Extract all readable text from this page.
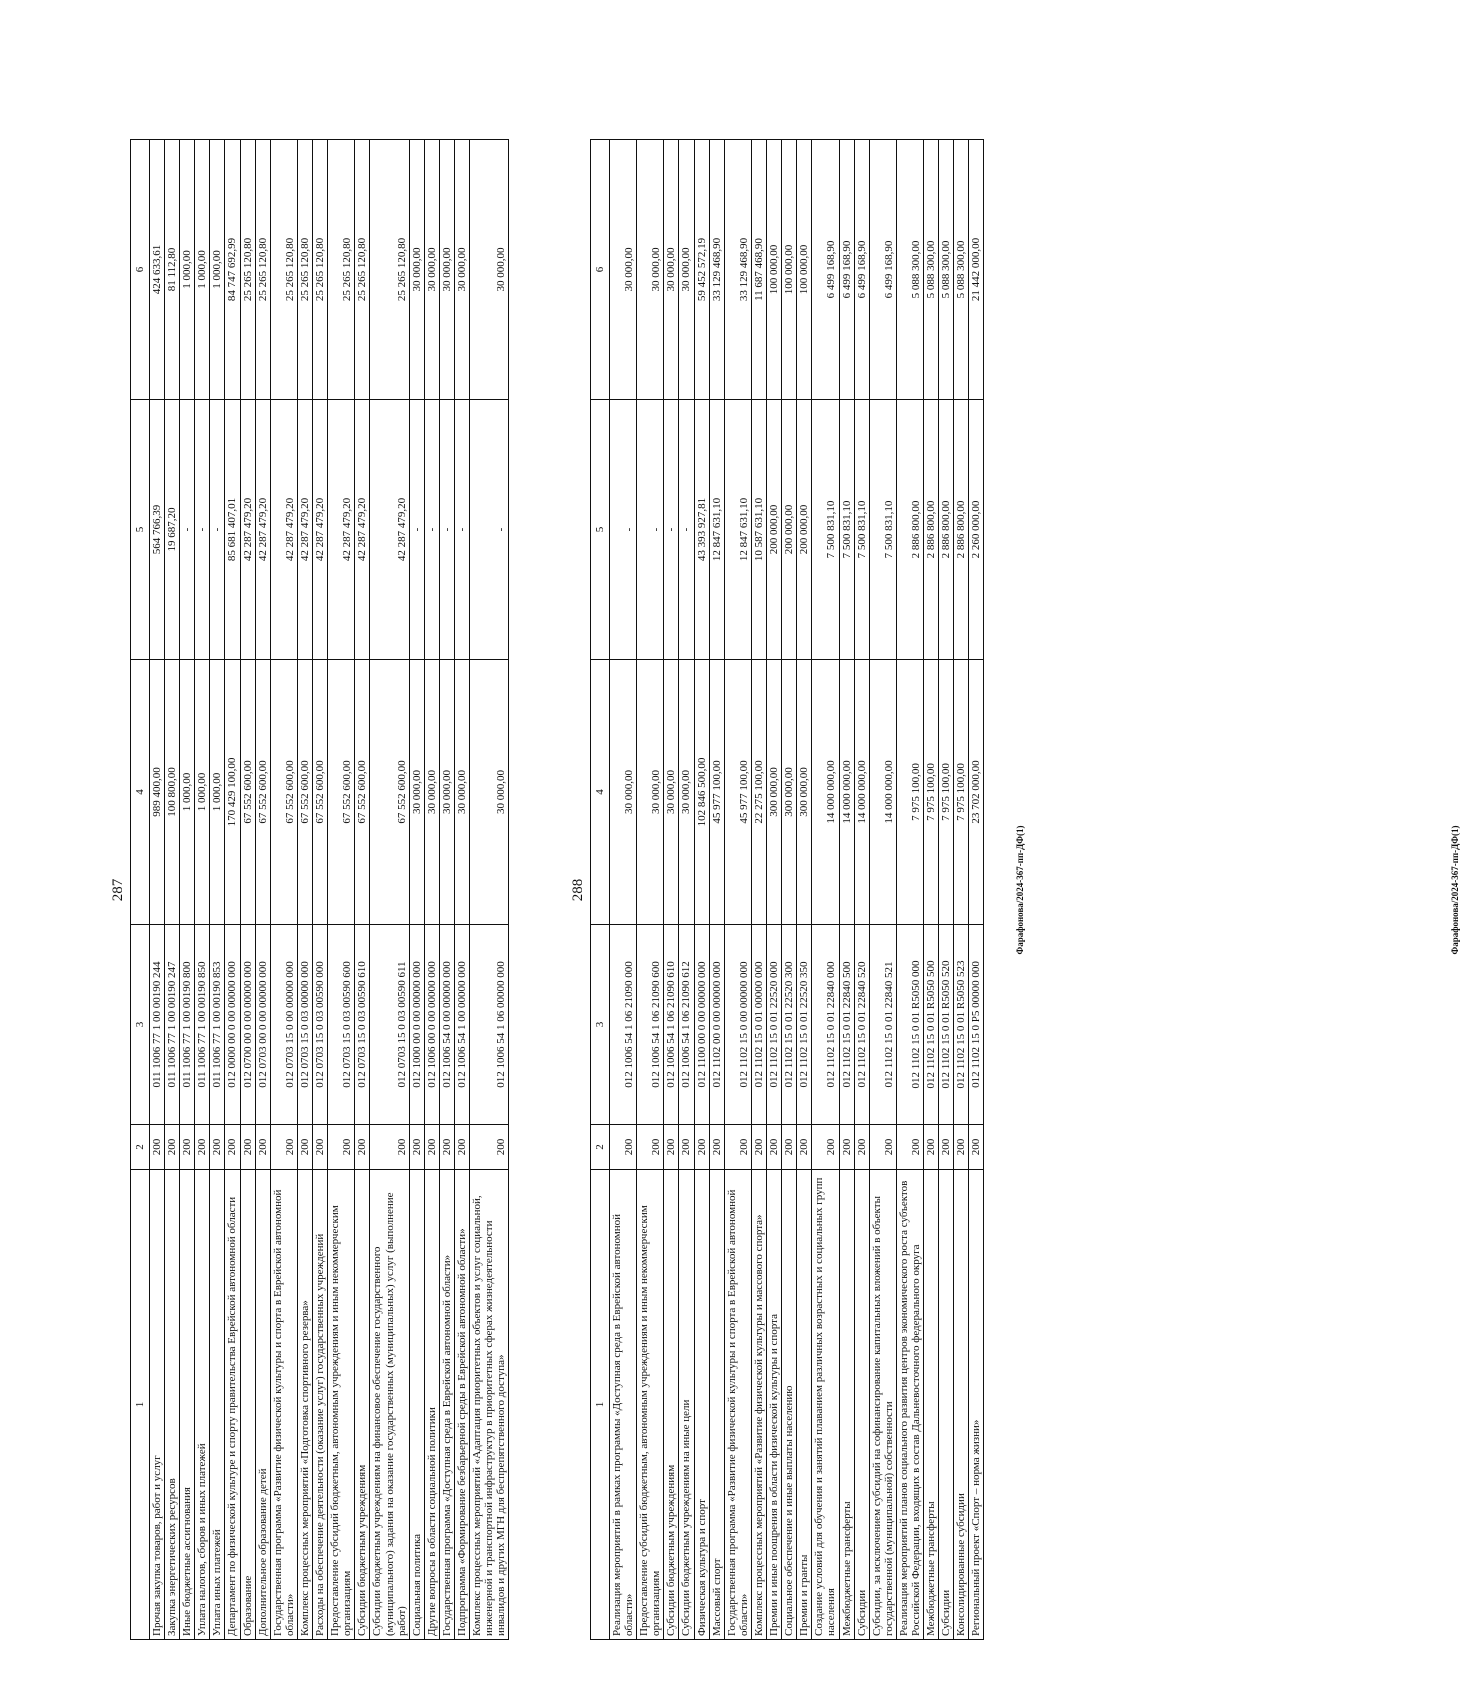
287
1	2	3	4	5	6
Прочая закупка товаров, работ и услуг	200	011 1006 77 1 00 00190 244	989 400,00	564 766,39	424 633,61
Закупка энергетических ресурсов	200	011 1006 77 1 00 00190 247	100 800,00	19 687,20	81 112,80
Иные бюджетные ассигнования	200	011 1006 77 1 00 00190 800	1 000,00	-	1 000,00
Уплата налогов, сборов и иных платежей	200	011 1006 77 1 00 00190 850	1 000,00	-	1 000,00
Уплата иных платежей	200	011 1006 77 1 00 00190 853	1 000,00	-	1 000,00
Департамент по физической культуре и спорту правительства Еврейской автономной области	200	012 0000 00 0 00 00000 000	170 429 100,00	85 681 407,01	84 747 692,99
Образование	200	012 0700 00 0 00 00000 000	67 552 600,00	42 287 479,20	25 265 120,80
Дополнительное образование детей	200	012 0703 00 0 00 00000 000	67 552 600,00	42 287 479,20	25 265 120,80
Государственная программа «Развитие физической культуры и спорта в Еврейской автономной области»	200	012 0703 15 0 00 00000 000	67 552 600,00	42 287 479,20	25 265 120,80
Комплекс процессных мероприятий «Подготовка спортивного резерва»	200	012 0703 15 0 03 00000 000	67 552 600,00	42 287 479,20	25 265 120,80
Расходы на обеспечение деятельности (оказание услуг) государственных учреждений	200	012 0703 15 0 03 00590 000	67 552 600,00	42 287 479,20	25 265 120,80
Предоставление субсидий бюджетным, автономным учреждениям и иным некоммерческим организациям	200	012 0703 15 0 03 00590 600	67 552 600,00	42 287 479,20	25 265 120,80
Субсидии бюджетным учреждениям	200	012 0703 15 0 03 00590 610	67 552 600,00	42 287 479,20	25 265 120,80
Субсидии бюджетным учреждениям на финансовое обеспечение государственного (муниципального) задания на оказание государственных (муниципальных) услуг (выполнение работ)	200	012 0703 15 0 03 00590 611	67 552 600,00	42 287 479,20	25 265 120,80
Социальная политика	200	012 1000 00 0 00 00000 000	30 000,00	-	30 000,00
Другие вопросы в области социальной политики	200	012 1006 00 0 00 00000 000	30 000,00	-	30 000,00
Государственная программа «Доступная среда в Еврейской автономной области»	200	012 1006 54 0 00 00000 000	30 000,00	-	30 000,00
Подпрограмма «Формирование безбарьерной среды в Еврейской автономной области»	200	012 1006 54 1 00 00000 000	30 000,00	-	30 000,00
Комплекс процессных мероприятий «Адаптация приоритетных объектов и услуг социальной, инженерной и транспортной инфраструктур в приоритетных сферах жизнедеятельности инвалидов и других МГН для беспрепятственного доступа»	200	012 1006 54 1 06 00000 000	30 000,00	-	30 000,00
Фарафонова/2024-367-пп-ДФ(1)
288
1	2	3	4	5	6
Реализация мероприятий в рамках программы «Доступная среда в Еврейской автономной области»	200	012 1006 54 1 06 21090 000	30 000,00	-	30 000,00
Предоставление субсидий бюджетным, автономным учреждениям и иным некоммерческим организациям	200	012 1006 54 1 06 21090 600	30 000,00	-	30 000,00
Субсидии бюджетным учреждениям	200	012 1006 54 1 06 21090 610	30 000,00	-	30 000,00
Субсидии бюджетным учреждениям на иные цели	200	012 1006 54 1 06 21090 612	30 000,00	-	30 000,00
Физическая культура и спорт	200	012 1100 00 0 00 00000 000	102 846 500,00	43 393 927,81	59 452 572,19
Массовый спорт	200	012 1102 00 0 00 00000 000	45 977 100,00	12 847 631,10	33 129 468,90
Государственная программа «Развитие физической культуры и спорта в Еврейской автономной области»	200	012 1102 15 0 00 00000 000	45 977 100,00	12 847 631,10	33 129 468,90
Комплекс процессных мероприятий «Развитие физической культуры и массового спорта»	200	012 1102 15 0 01 00000 000	22 275 100,00	10 587 631,10	11 687 468,90
Премии и иные поощрения в области физической культуры и спорта	200	012 1102 15 0 01 22520 000	300 000,00	200 000,00	100 000,00
Социальное обеспечение и иные выплаты населению	200	012 1102 15 0 01 22520 300	300 000,00	200 000,00	100 000,00
Премии и гранты	200	012 1102 15 0 01 22520 350	300 000,00	200 000,00	100 000,00
Создание условий для обучения и занятий плаванием различных возрастных и социальных групп населения	200	012 1102 15 0 01 22840 000	14 000 000,00	7 500 831,10	6 499 168,90
Межбюджетные трансферты	200	012 1102 15 0 01 22840 500	14 000 000,00	7 500 831,10	6 499 168,90
Субсидии	200	012 1102 15 0 01 22840 520	14 000 000,00	7 500 831,10	6 499 168,90
Субсидии, за исключением субсидий на софинансирование капитальных вложений в объекты государственной (муниципальной) собственности	200	012 1102 15 0 01 22840 521	14 000 000,00	7 500 831,10	6 499 168,90
Реализация мероприятий планов социального развития центров экономического роста субъектов Российской Федерации, входящих в состав Дальневосточного федерального округа	200	012 1102 15 0 01 R5050 000	7 975 100,00	2 886 800,00	5 088 300,00
Межбюджетные трансферты	200	012 1102 15 0 01 R5050 500	7 975 100,00	2 886 800,00	5 088 300,00
Субсидии	200	012 1102 15 0 01 R5050 520	7 975 100,00	2 886 800,00	5 088 300,00
Консолидированные субсидии	200	012 1102 15 0 01 R5050 523	7 975 100,00	2 886 800,00	5 088 300,00
Региональный проект «Спорт – норма жизни»	200	012 1102 15 0 P5 00000 000	23 702 000,00	2 260 000,00	21 442 000,00
Фарафонова/2024-367-пп-ДФ(1)
